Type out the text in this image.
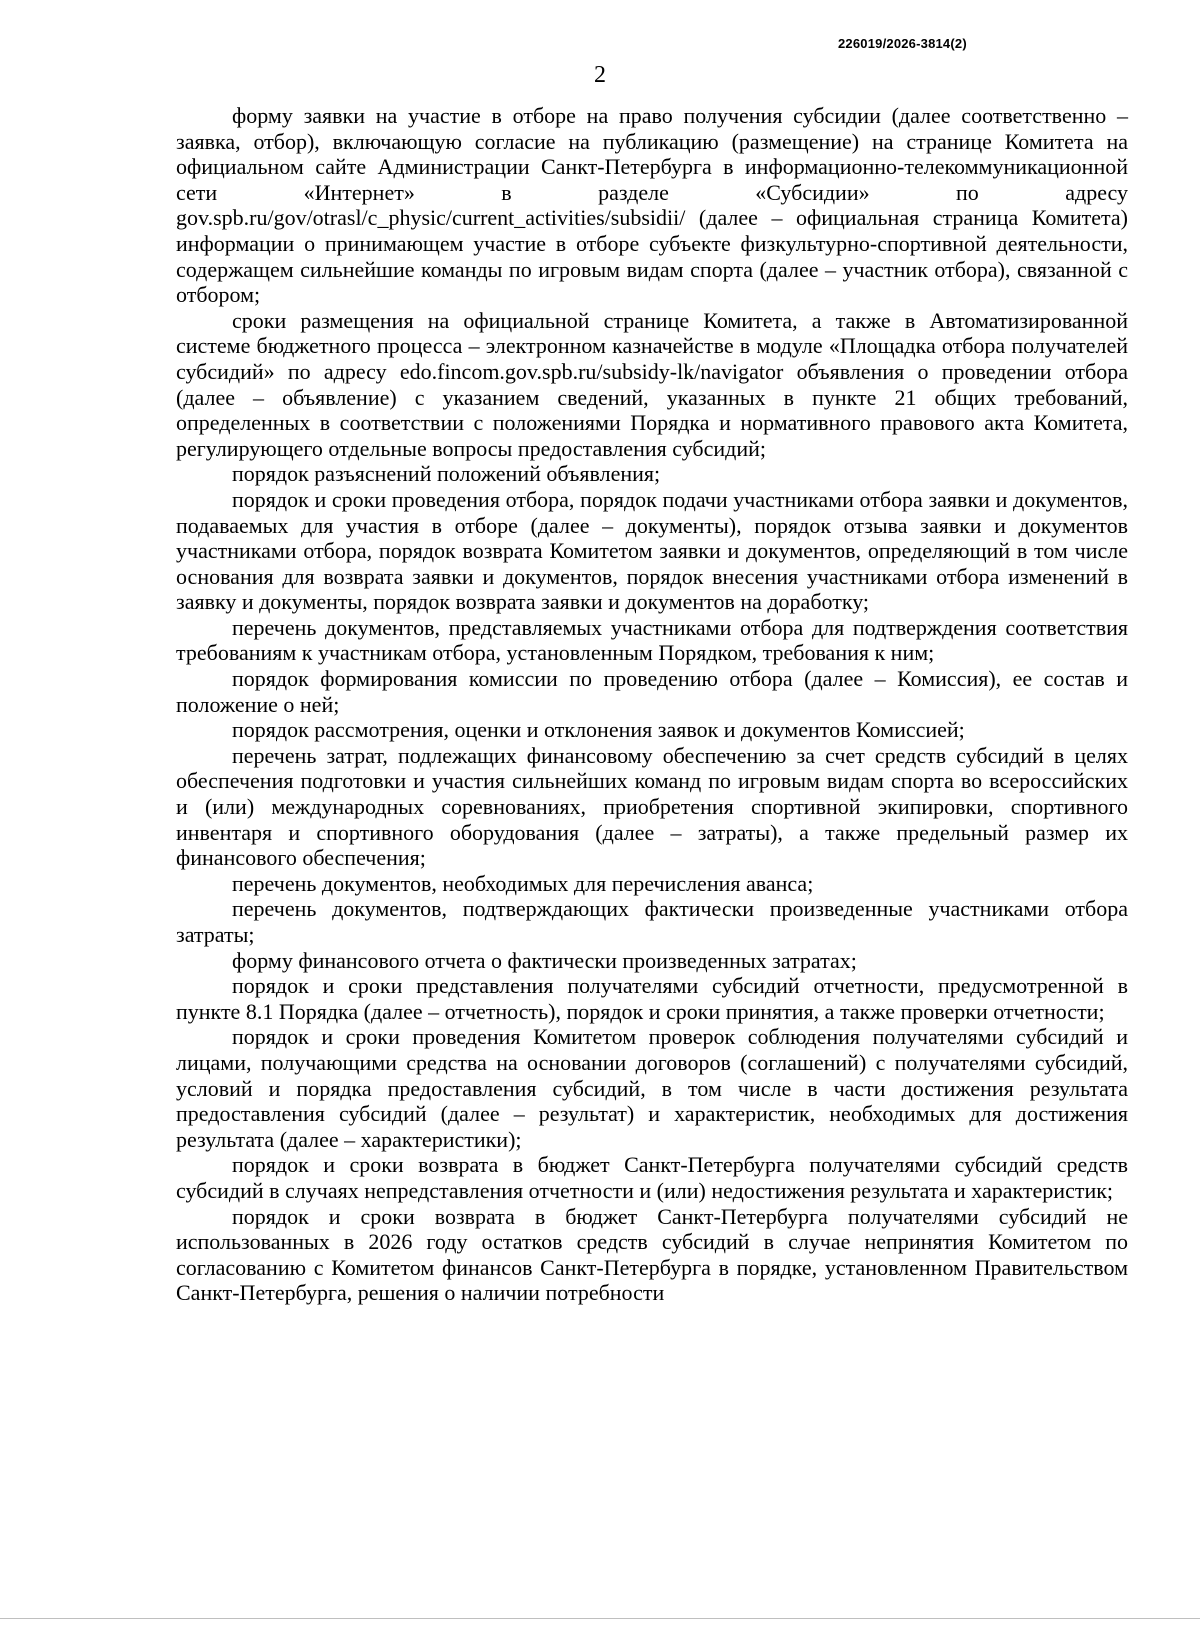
226019/2026-3814(2)
2

форму заявки на участие в отборе на право получения субсидии (далее соответственно – заявка, отбор), включающую согласие на публикацию (размещение) на странице Комитета на официальном сайте Администрации Санкт-Петербурга в информационно-телекоммуникационной сети «Интернет» в разделе «Субсидии» по адресу gov.spb.ru/gov/otrasl/c_physic/current_activities/subsidii/ (далее – официальная страница Комитета) информации о принимающем участие в отборе субъекте физкультурно-спортивной деятельности, содержащем сильнейшие команды по игровым видам спорта (далее – участник отбора), связанной с отбором;

сроки размещения на официальной странице Комитета, а также в Автоматизированной системе бюджетного процесса – электронном казначействе в модуле «Площадка отбора получателей субсидий» по адресу edo.fincom.gov.spb.ru/subsidy-lk/navigator объявления о проведении отбора (далее – объявление) с указанием сведений, указанных в пункте 21 общих требований, определенных в соответствии с положениями Порядка и нормативного правового акта Комитета, регулирующего отдельные вопросы предоставления субсидий;

порядок разъяснений положений объявления;

порядок и сроки проведения отбора, порядок подачи участниками отбора заявки и документов, подаваемых для участия в отборе (далее – документы), порядок отзыва заявки и документов участниками отбора, порядок возврата Комитетом заявки и документов, определяющий в том числе основания для возврата заявки и документов, порядок внесения участниками отбора изменений в заявку и документы, порядок возврата заявки и документов на доработку;

перечень документов, представляемых участниками отбора для подтверждения соответствия требованиям к участникам отбора, установленным Порядком, требования к ним;

порядок формирования комиссии по проведению отбора (далее – Комиссия), ее состав и положение о ней;

порядок рассмотрения, оценки и отклонения заявок и документов Комиссией;

перечень затрат, подлежащих финансовому обеспечению за счет средств субсидий в целях обеспечения подготовки и участия сильнейших команд по игровым видам спорта во всероссийских и (или) международных соревнованиях, приобретения спортивной экипировки, спортивного инвентаря и спортивного оборудования (далее – затраты), а также предельный размер их финансового обеспечения;

перечень документов, необходимых для перечисления аванса;

перечень документов, подтверждающих фактически произведенные участниками отбора затраты;

форму финансового отчета о фактически произведенных затратах;

порядок и сроки представления получателями субсидий отчетности, предусмотренной в пункте 8.1 Порядка (далее – отчетность), порядок и сроки принятия, а также проверки отчетности;

порядок и сроки проведения Комитетом проверок соблюдения получателями субсидий и лицами, получающими средства на основании договоров (соглашений) с получателями субсидий, условий и порядка предоставления субсидий, в том числе в части достижения результата предоставления субсидий (далее – результат) и характеристик, необходимых для достижения результата (далее – характеристики);

порядок и сроки возврата в бюджет Санкт-Петербурга получателями субсидий средств субсидий в случаях непредставления отчетности и (или) недостижения результата и характеристик;

порядок и сроки возврата в бюджет Санкт-Петербурга получателями субсидий не использованных в 2026 году остатков средств субсидий в случае непринятия Комитетом по согласованию с Комитетом финансов Санкт-Петербурга в порядке, установленном Правительством Санкт-Петербурга, решения о наличии потребности
